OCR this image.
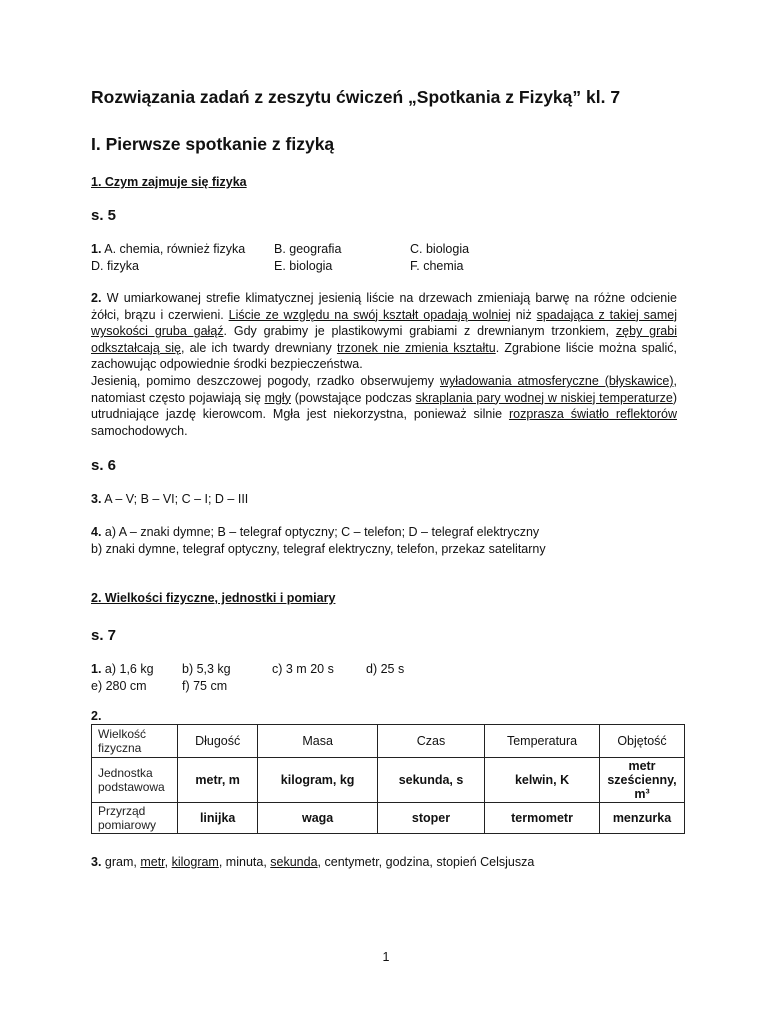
Rozwiązania zadań z zeszytu ćwiczeń „Spotkania z Fizyką” kl. 7
I. Pierwsze spotkanie z fizyką
1. Czym zajmuje się fizyka
s. 5
1. A. chemia, również fizyka B. geografia	C. biologia
D. fizyka	E. biologia	F. chemia
2. W umiarkowanej strefie klimatycznej jesienią liście na drzewach zmieniają barwę na różne odcienie żółci, brązu i czerwieni. Liście ze względu na swój kształt opadają wolniej niż spadająca z takiej samej wysokości gruba gałąź. Gdy grabimy je plastikowymi grabiami z drewnianym trzonkiem, zęby grabi odkształcają się, ale ich twardy drewniany trzonek nie zmienia kształtu. Zgrabione liście można spalić, zachowując odpowiednie środki bezpieczeństwa.
Jesienią, pomimo deszczowej pogody, rzadko obserwujemy wyładowania atmosferyczne (błyskawice), natomiast często pojawiają się mgły (powstające podczas skraplania pary wodnej w niskiej temperaturze) utrudniające jazdę kierowcom. Mgła jest niekorzystna, ponieważ silnie rozprasza światło reflektorów samochodowych.
s. 6
3. A – V; B – VI; C – I; D – III
4. a) A – znaki dymne; B – telegraf optyczny; C – telefon; D – telegraf elektryczny
b) znaki dymne, telegraf optyczny, telegraf elektryczny, telefon, przekaz satelitarny
2. Wielkości fizyczne, jednostki i pomiary
s. 7
1. a) 1,6 kg b) 5,3 kg	c) 3 m 20 s	d) 25 s
e) 280 cm	f) 75 cm
2.
Wielkość fizyczna	Długość	Masa	Czas	Temperatura	Objętość
Jednostka podstawowa	metr, m	kilogram, kg	sekunda, s	kelwin, K	metr sześcienny, m³
Przyrząd pomiarowy	linijka	waga	stoper	termometr	menzurka
3. gram, metr, kilogram, minuta, sekunda, centymetr, godzina, stopień Celsjusza
1
